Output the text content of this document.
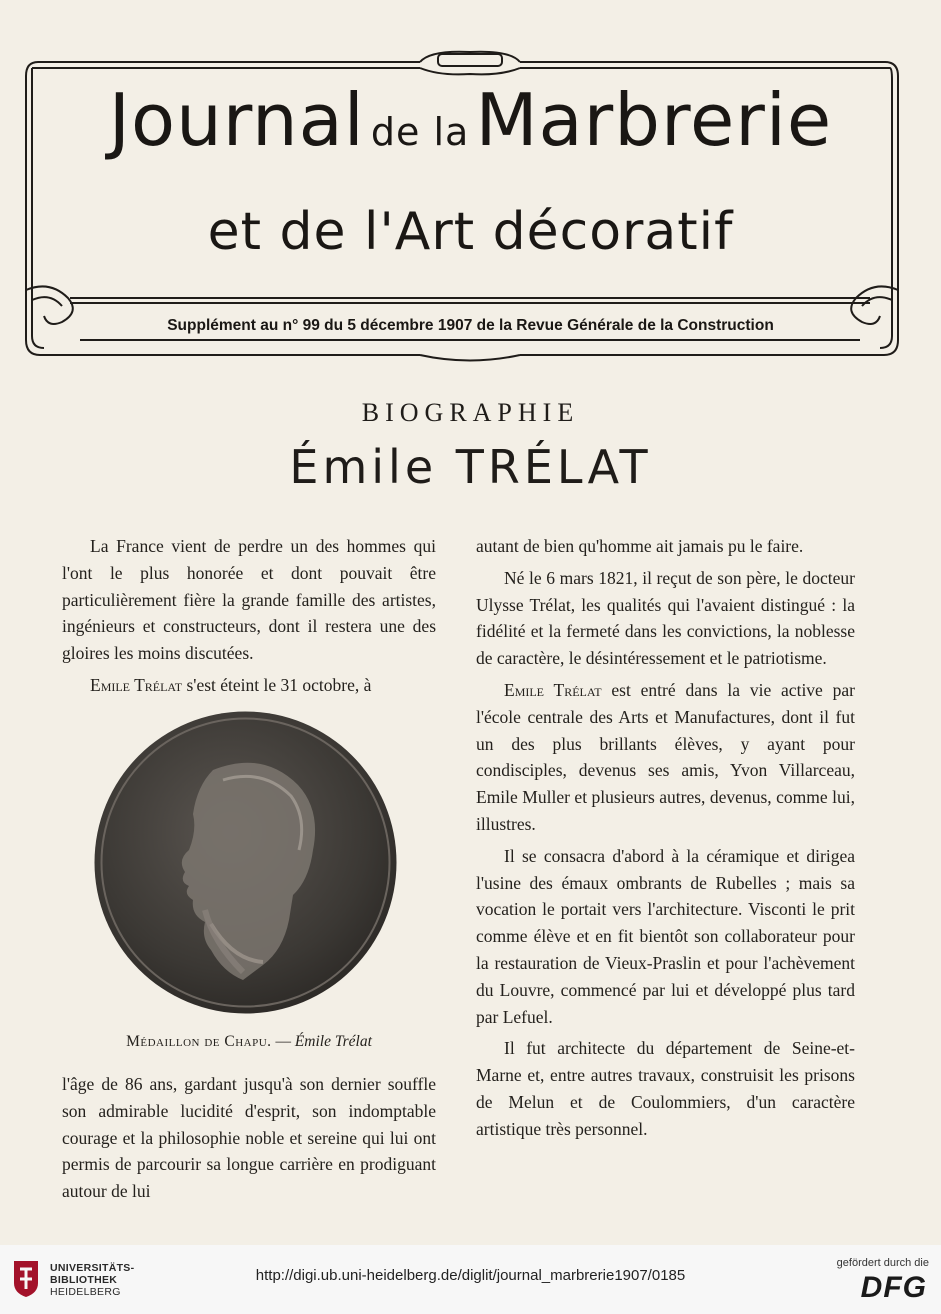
Journal de la Marbrerie
et de l'Art décoratif
Supplément au n° 99 du 5 décembre 1907 de la Revue Générale de la Construction
BIOGRAPHIE
Émile TRÉLAT

La France vient de perdre un des hommes qui l'ont le plus honorée et dont pouvait être particulièrement fière la grande famille des artistes, ingénieurs et constructeurs, dont il restera une des gloires les moins discutées.

Emile Trélat s'est éteint le 31 octobre, à

Médaillon de Chapu. — Émile Trélat

l'âge de 86 ans, gardant jusqu'à son dernier souffle son admirable lucidité d'esprit, son indomptable courage et la philosophie noble et sereine qui lui ont permis de parcourir sa longue carrière en prodiguant autour de lui

autant de bien qu'homme ait jamais pu le faire.

Né le 6 mars 1821, il reçut de son père, le docteur Ulysse Trélat, les qualités qui l'avaient distingué : la fidélité et la fermeté dans les convictions, la noblesse de caractère, le désintéressement et le patriotisme.

Emile Trélat est entré dans la vie active par l'école centrale des Arts et Manufactures, dont il fut un des plus brillants élèves, y ayant pour condisciples, devenus ses amis, Yvon Villarceau, Emile Muller et plusieurs autres, devenus, comme lui, illustres.

Il se consacra d'abord à la céramique et dirigea l'usine des émaux ombrants de Rubelles ; mais sa vocation le portait vers l'architecture. Visconti le prit comme élève et en fit bientôt son collaborateur pour la restauration de Vieux-Praslin et pour l'achèvement du Louvre, commencé par lui et développé plus tard par Lefuel.

Il fut architecte du département de Seine-et-Marne et, entre autres travaux, construisit les prisons de Melun et de Coulommiers, d'un caractère artistique très personnel.

UNIVERSITÄTS-
BIBLIOTHEK
HEIDELBERG
http://digi.ub.uni-heidelberg.de/diglit/journal_marbrerie1907/0185
gefördert durch die
DFG
